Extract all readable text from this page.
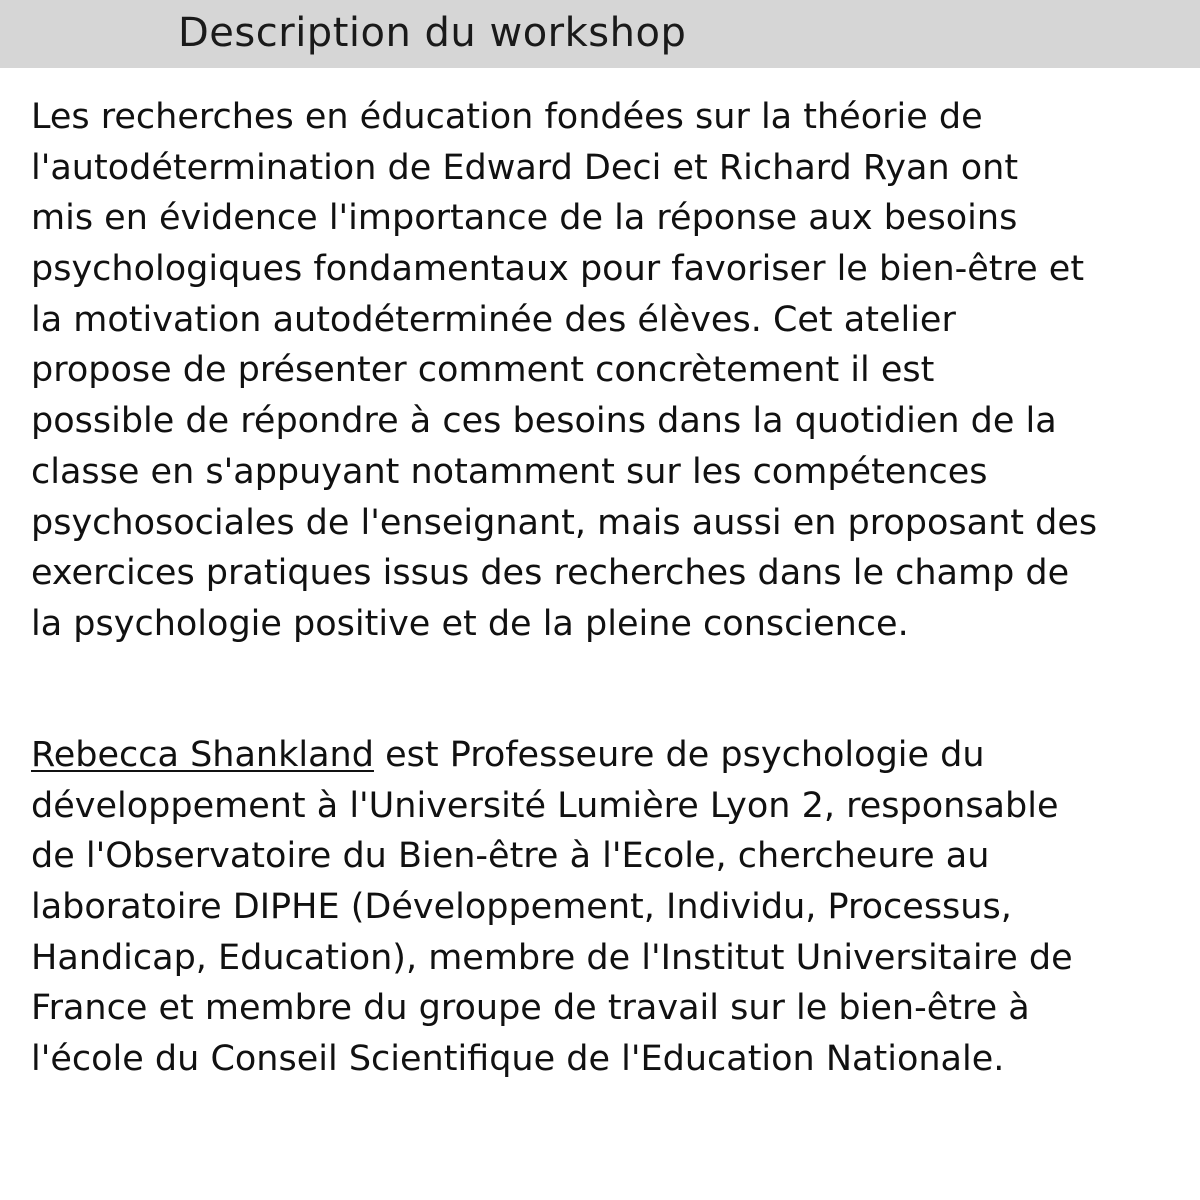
Description du workshop
Les recherches en éducation fondées sur la théorie de
l'autodétermination de Edward Deci et Richard Ryan ont
mis en évidence l'importance de la réponse aux besoins
psychologiques fondamentaux pour favoriser le bien-être et
la motivation autodéterminée des élèves. Cet atelier
propose de présenter comment concrètement il est
possible de répondre à ces besoins dans la quotidien de la
classe en s'appuyant notamment sur les compétences
psychosociales de l'enseignant, mais aussi en proposant des
exercices pratiques issus des recherches dans le champ de
la psychologie positive et de la pleine conscience.
Rebecca Shankland est Professeure de psychologie du
développement à l'Université Lumière Lyon 2, responsable
de l'Observatoire du Bien-être à l'Ecole, chercheure au
laboratoire DIPHE (Développement, Individu, Processus,
Handicap, Education), membre de l'Institut Universitaire de
France et membre du groupe de travail sur le bien-être à
l'école du Conseil Scientifique de l'Education Nationale.
